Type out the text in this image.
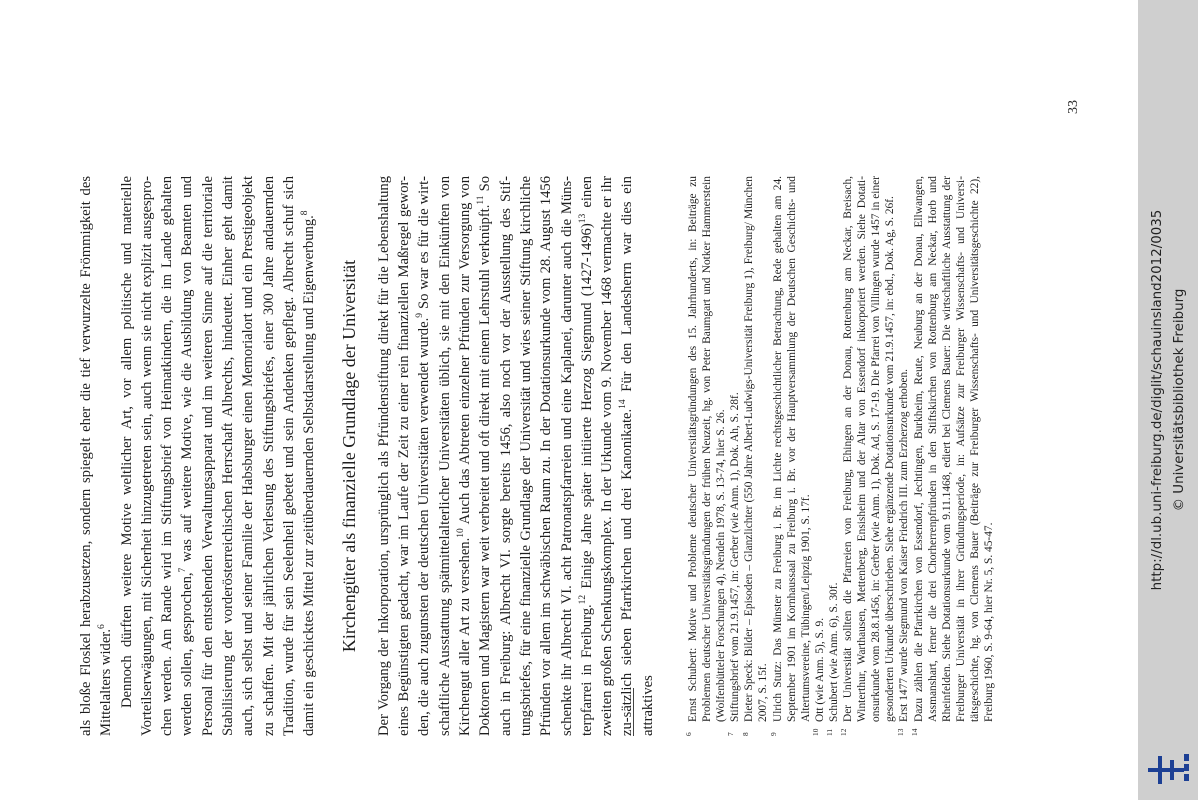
als bloße Floskel herabzusetzen, sondern spiegelt eher die tief verwurzelte Frömmigkeit des Mittelalters wider.$^6$ Dennoch dürften weitere Motive weltlicher Art, vor allem politische und materielle Vorteilserwägungen, mit Sicherheit hinzugetreten sein, auch wenn sie nicht explizit ausgespro-chen werden. Am Rande wird im Stiftungsbrief von Heimatkindern, die im Lande gehalten werden sollen, gesprochen,$^7$ was auf weitere Motive, wie die Ausbildung von Beamten und Personal für den entstehenden Verwaltungsapparat und im weiteren Sinne auf die territoriale Stabilisierung der vorderösterreichischen Herrschaft Albrechts, hindeutet. Einher geht damit auch, sich selbst und seiner Familie der Habsburger einen Memorialort und ein Prestigeobjekt zu schaffen. Mit der jährlichen Verlesung des Stiftungsbriefes, einer 300 Jahre andauernden Tradition, wurde für sein Seelenheil gebetet und sein Andenken gepflegt. Albrecht schuf sich damit ein geschicktes Mittel zur zeitüberdauernden Selbstdarstellung und Eigenwerbung.$^8$

Kirchengüter als finanzielle Grundlage der Universität Der Vorgang der Inkorporation, ursprünglich als Pfründenstiftung direkt für die Lebenshaltung eines Begünstigten gedacht, war im Laufe der Zeit zu einer rein finanziellen Maßregel gewor-den, die auch zugunsten der deutschen Universitäten verwendet wurde.$^9$ So war es für die wirt-schaftliche Ausstattung spätmittelalterlicher Universitäten üblich, sie mit den Einkünften von Kirchengut aller Art zu versehen.$^{10}$ Auch das Abtreten einzelner Pfründen zur Versorgung von Doktoren und Magistern war weit verbreitet und oft direkt mit einem Lehrstuhl verknüpft.$^{11}$ So auch in Freiburg: Albrecht VI. sorgte bereits 1456, also noch vor der Ausstellung des Stif-tungsbriefes, für eine finanzielle Grundlage der Universität und wies seiner Stiftung kirchliche Pfründen vor allem im schwäbischen Raum zu. In der Dotationsurkunde vom 28. August 1456 schenkte ihr Albrecht VI. acht Patronatspfarreien und eine Kaplanei, darunter auch die Müns-terpfarrei in Freiburg.$^{12}$ Einige Jahre später initiierte Herzog Siegmund (1427-1496)$^{13}$ einen zweiten großen Schenkungskomplex. In der Urkunde vom 9. November 1468 vermachte er ihr zu-sätzlich sieben Pfarrkirchen und drei Kanonikate.$^{14}$ Für den Landesherrn war dies ein attraktives	6Ernst Schubert: Motive und Probleme deutscher Universitätsgründungen des 15. Jahrhunderts, in: Beiträge zu Problemen deutscher Universitätsgründungen der frühen Neuzeit, hg. von Peter Baumgart und Notker Hammerstein (Wolfenbütteler Forschungen 4), Nendeln 1978, S. 13-74, hier S. 26.

7Stiftungsbrief vom 21.9.1457, in: Gerber (wie Anm. 1), Dok. Ah, S. 28f.

8Dieter Speck: Bilder – Episoden – Glanzlichter (550 Jahre Albert-Ludwigs-Universität Freiburg 1), Freiburg/ München 2007, S. 15f.

9Ulrich Stutz: Das Münster zu Freiburg i. Br. im Lichte rechtsgeschichtlicher Betrachtung, Rede gehalten am 24. September 1901 im Kornhaussaal zu Freiburg i. Br. vor der Hauptversammlung der Deutschen Geschichts- und Altertumsvereine, Tübingen/Leipzig 1901, S. 17f.

10Ott (wie Anm. 5), S. 9.

11Schubert (wie Anm. 6), S. 30f.

12Der Universität sollten die Pfarreien von Freiburg, Ehingen an der Donau, Rottenburg am Neckar, Breisach, Winterthur, Warthausen, Mettenberg, Ensisheim und der Altar von Essendorf inkorporiert werden. Siehe Dotati-onsurkunde vom 28.8.1456, in: Gerber (wie Anm. 1), Dok. Ad, S. 17-19. Die Pfarrei von Villingen wurde 1457 in einer gesonderten Urkunde überschrieben. Siehe ergänzende Dotationsurkunde vom 21.9.1457, in: ebd., Dok. Ag, S. 26f.

13Erst 1477 wurde Siegmund von Kaiser Friedrich III. zum Erzherzog erhoben.

14Dazu zählen die Pfarrkirchen von Essendorf, Jechtingen, Burkheim, Reute, Neuburg an der Donau, Ellwangen, Assmanshart, ferner die drei Chorherrenpfründen in den Stiftskirchen von Rottenburg am Neckar, Horb und Rheinfelden. Siehe Dotationsurkunde vom 9.11.1468, ediert bei Clemens Bauer: Die wirtschaftliche Ausstattung der Freiburger Universität in ihrer Gründungsperiode, in: Aufsätze zur Freiburger Wissenschafts- und Universi-tätsgeschichte, hg. von Clemens Bauer (Beiträge zur Freiburger Wissenschafts- und Universitätsgeschichte 22), Freiburg 1960, S. 9-64, hier Nr. 5, S. 45-47.

33
http://dl.ub.uni-freiburg.de/diglit/schauinsland2012/0035 © Universitätsbibliothek Freiburg
